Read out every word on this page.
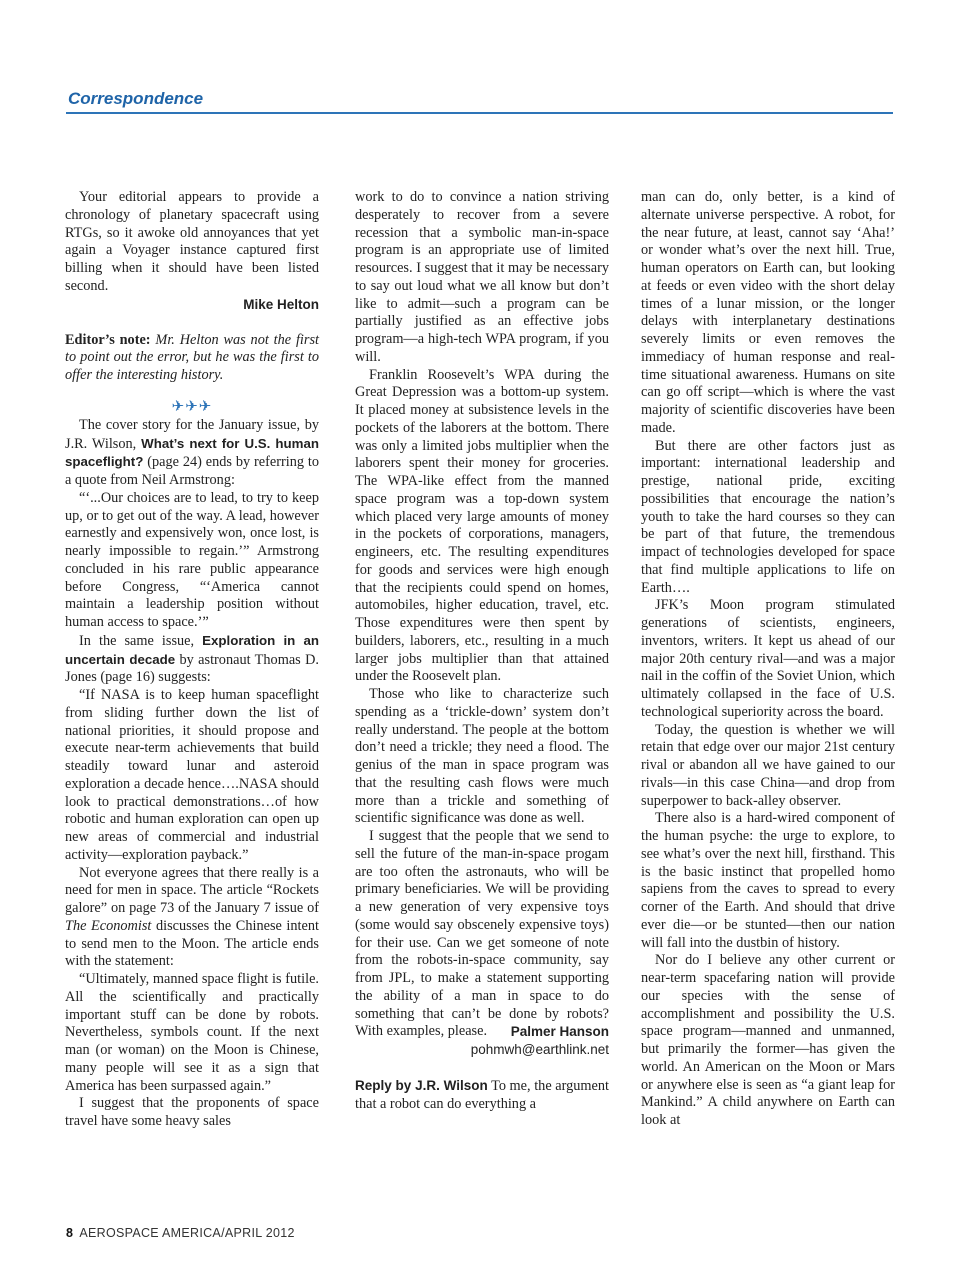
Correspondence

Your editorial appears to provide a chronology of planetary spacecraft using RTGs, so it awoke old annoyances that yet again a Voyager instance captured first billing when it should have been listed second.

Mike Helton

Editor’s note: Mr. Helton was not the first to point out the error, but he was the first to offer the interesting history.

✈✈✈

The cover story for the January issue, by J.R. Wilson, What’s next for U.S. human spaceflight? (page 24) ends by referring to a quote from Neil Armstrong:

“‘...Our choices are to lead, to try to keep up, or to get out of the way. A lead, however earnestly and expensively won, once lost, is nearly impossible to regain.’” Armstrong concluded in his rare public appearance before Congress, “‘America cannot maintain a leadership position without human access to space.’”

In the same issue, Exploration in an uncertain decade by astronaut Thomas D. Jones (page 16) suggests:

“If NASA is to keep human spaceflight from sliding further down the list of national priorities, it should propose and execute near-term achievements that build steadily toward lunar and asteroid exploration a decade hence….NASA should look to practical demonstrations…of how robotic and human exploration can open up new areas of commercial and industrial activity—exploration payback.”

Not everyone agrees that there really is a need for men in space. The article “Rockets galore” on page 73 of the January 7 issue of The Economist discusses the Chinese intent to send men to the Moon. The article ends with the statement:

“Ultimately, manned space flight is futile. All the scientifically and practically important stuff can be done by robots. Nevertheless, symbols count. If the next man (or woman) on the Moon is Chinese, many people will see it as a sign that America has been surpassed again.”

I suggest that the proponents of space travel have some heavy sales

work to do to convince a nation striving desperately to recover from a severe recession that a symbolic man-in-space program is an appropriate use of limited resources. I suggest that it may be necessary to say out loud what we all know but don’t like to admit—such a program can be partially justified as an effective jobs program—a high-tech WPA program, if you will.

Franklin Roosevelt’s WPA during the Great Depression was a bottom-up system. It placed money at subsistence levels in the pockets of the laborers at the bottom. There was only a limited jobs multiplier when the laborers spent their money for groceries. The WPA-like effect from the manned space program was a top-down system which placed very large amounts of money in the pockets of corporations, managers, engineers, etc. The resulting expenditures for goods and services were high enough that the recipients could spend on homes, automobiles, higher education, travel, etc. Those expenditures were then spent by builders, laborers, etc., resulting in a much larger jobs multiplier than that attained under the Roosevelt plan.

Those who like to characterize such spending as a ‘trickle-down’ system don’t really understand. The people at the bottom don’t need a trickle; they need a flood. The genius of the man in space program was that the resulting cash flows were much more than a trickle and something of scientific significance was done as well.

I suggest that the people that we send to sell the future of the man-in-space progam are too often the astronauts, who will be primary beneficiaries. We will be providing a new generation of very expensive toys (some would say obscenely expensive toys) for their use. Can we get someone of note from the robots-in-space community, say from JPL, to make a statement supporting the ability of a man in space to do something that can’t be done by robots? With examples, please.	Palmer Hanson

pohmwh@earthlink.net

Reply by J.R. Wilson To me, the argument that a robot can do everything a

man can do, only better, is a kind of alternate universe perspective. A robot, for the near future, at least, cannot say ‘Aha!’ or wonder what’s over the next hill. True, human operators on Earth can, but looking at feeds or even video with the short delay times of a lunar mission, or the longer delays with interplanetary destinations severely limits or even removes the immediacy of human response and real-time situational awareness. Humans on site can go off script—which is where the vast majority of scientific discoveries have been made.

But there are other factors just as important: international leadership and prestige, national pride, exciting possibilities that encourage the nation’s youth to take the hard courses so they can be part of that future, the tremendous impact of technologies developed for space that find multiple applications to life on Earth….

JFK’s Moon program stimulated generations of scientists, engineers, inventors, writers. It kept us ahead of our major 20th century rival—and was a major nail in the coffin of the Soviet Union, which ultimately collapsed in the face of U.S. technological superiority across the board.

Today, the question is whether we will retain that edge over our major 21st century rival or abandon all we have gained to our rivals—in this case China—and drop from superpower to back-alley observer.

There also is a hard-wired component of the human psyche: the urge to explore, to see what’s over the next hill, firsthand. This is the basic instinct that propelled homo sapiens from the caves to spread to every corner of the Earth. And should that drive ever die—or be stunted—then our nation will fall into the dustbin of history.

Nor do I believe any other current or near-term spacefaring nation will provide our species with the sense of accomplishment and possibility the U.S. space program—manned and unmanned, but primarily the former—has given the world. An American on the Moon or Mars or anywhere else is seen as “a giant leap for Mankind.” A child anywhere on Earth can look at

8 AEROSPACE AMERICA/APRIL 2012
